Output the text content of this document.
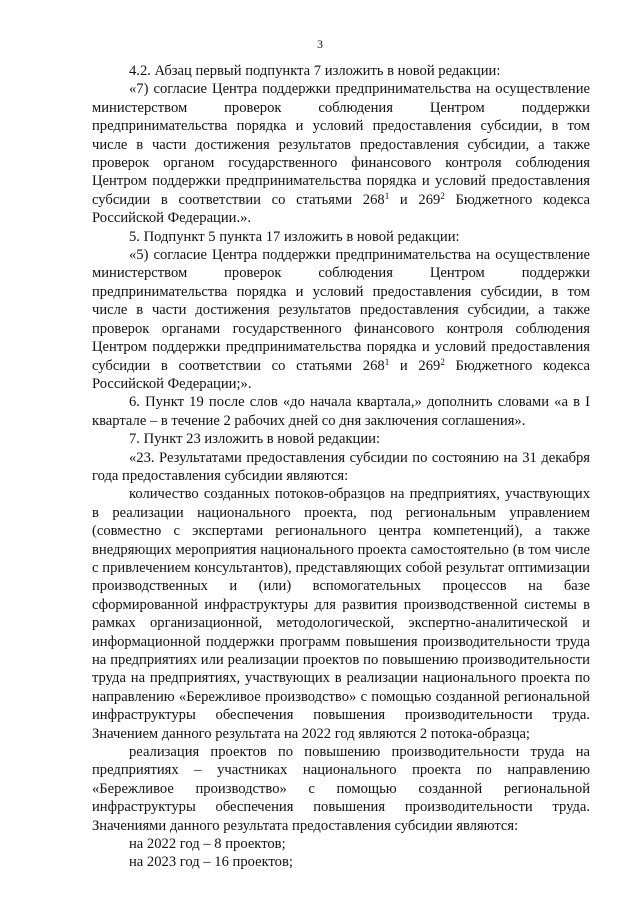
3

4.2. Абзац первый подпункта 7 изложить в новой редакции:

«7) согласие Центра поддержки предпринимательства на осуществление министерством проверок соблюдения Центром поддержки предпринимательства порядка и условий предоставления субсидии, в том числе в части достижения результатов предоставления субсидии, а также проверок органом государственного финансового контроля соблюдения Центром поддержки предпринимательства порядка и условий предоставления субсидии в соответствии со статьями $268^1$ и $269^2$ Бюджетного кодекса Российской Федерации.».

5. Подпункт 5 пункта 17 изложить в новой редакции:

«5) согласие Центра поддержки предпринимательства на осуществление министерством проверок соблюдения Центром поддержки предпринимательства порядка и условий предоставления субсидии, в том числе в части достижения результатов предоставления субсидии, а также проверок органами государственного финансового контроля соблюдения Центром поддержки предпринимательства порядка и условий предоставления субсидии в соответствии со статьями $268^1$ и $269^2$ Бюджетного кодекса Российской Федерации;».

6. Пункт 19 после слов «до начала квартала,» дополнить словами «а в I квартале – в течение 2 рабочих дней со дня заключения соглашения».

7. Пункт 23 изложить в новой редакции:

«23. Результатами предоставления субсидии по состоянию на 31 декабря года предоставления субсидии являются:

количество созданных потоков-образцов на предприятиях, участвующих в реализации национального проекта, под региональным управлением (совместно с экспертами регионального центра компетенций), а также внедряющих мероприятия национального проекта самостоятельно (в том числе с привлечением консультантов), представляющих собой результат оптимизации производственных и (или) вспомогательных процессов на базе сформированной инфраструктуры для развития производственной системы в рамках организационной, методологической, экспертно-аналитической и информационной поддержки программ повышения производительности труда на предприятиях или реализации проектов по повышению производительности труда на предприятиях, участвующих в реализации национального проекта по направлению «Бережливое производство» с помощью созданной региональной инфраструктуры обеспечения повышения производительности труда. Значением данного результата на 2022 год являются 2 потока-образца;

реализация проектов по повышению производительности труда на предприятиях – участниках национального проекта по направлению «Бережливое производство» с помощью созданной региональной инфраструктуры обеспечения повышения производительности труда. Значениями данного результата предоставления субсидии являются:

на 2022 год – 8 проектов;

на 2023 год – 16 проектов;
